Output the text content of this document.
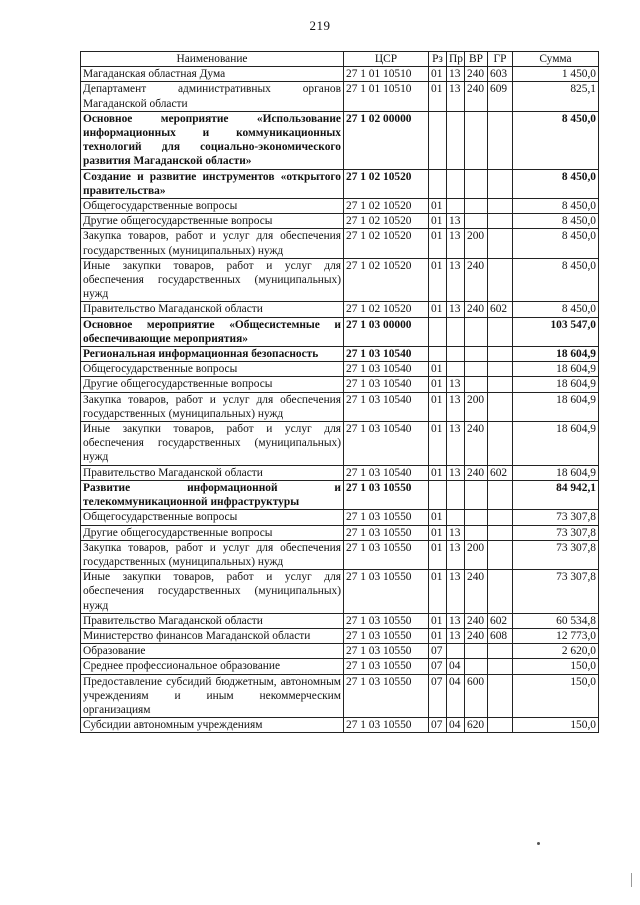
219
Наименование	ЦСР	Рз	Пр	ВР	ГР	Сумма
Магаданская областная Дума	27 1 01 10510	01	13	240	603	1 450,0
Департамент административных органов Магаданской области	27 1 01 10510	01	13	240	609	825,1
Основное мероприятие «Использование информационных и коммуникационных технологий для социально-экономического развития Магаданской области»	27 1 02 00000					8 450,0
Создание и развитие инструментов «открытого правительства»	27 1 02 10520					8 450,0
Общегосударственные вопросы	27 1 02 10520	01				8 450,0
Другие общегосударственные вопросы	27 1 02 10520	01	13			8 450,0
Закупка товаров, работ и услуг для обеспечения государственных (муниципальных) нужд	27 1 02 10520	01	13	200		8 450,0
Иные закупки товаров, работ и услуг для обеспечения государственных (муниципальных) нужд	27 1 02 10520	01	13	240		8 450,0
Правительство Магаданской области	27 1 02 10520	01	13	240	602	8 450,0
Основное мероприятие «Общесистемные и обеспечивающие мероприятия»	27 1 03 00000					103 547,0
Региональная информационная безопасность	27 1 03 10540					18 604,9
Общегосударственные вопросы	27 1 03 10540	01				18 604,9
Другие общегосударственные вопросы	27 1 03 10540	01	13			18 604,9
Закупка товаров, работ и услуг для обеспечения государственных (муниципальных) нужд	27 1 03 10540	01	13	200		18 604,9
Иные закупки товаров, работ и услуг для обеспечения государственных (муниципальных) нужд	27 1 03 10540	01	13	240		18 604,9
Правительство Магаданской области	27 1 03 10540	01	13	240	602	18 604,9
Развитие информационной и телекоммуникационной инфраструктуры	27 1 03 10550					84 942,1
Общегосударственные вопросы	27 1 03 10550	01				73 307,8
Другие общегосударственные вопросы	27 1 03 10550	01	13			73 307,8
Закупка товаров, работ и услуг для обеспечения государственных (муниципальных) нужд	27 1 03 10550	01	13	200		73 307,8
Иные закупки товаров, работ и услуг для обеспечения государственных (муниципальных) нужд	27 1 03 10550	01	13	240		73 307,8
Правительство Магаданской области	27 1 03 10550	01	13	240	602	60 534,8
Министерство финансов Магаданской области	27 1 03 10550	01	13	240	608	12 773,0
Образование	27 1 03 10550	07				2 620,0
Среднее профессиональное образование	27 1 03 10550	07	04			150,0
Предоставление субсидий бюджетным, автономным учреждениям и иным некоммерческим организациям	27 1 03 10550	07	04	600		150,0
Субсидии автономным учреждениям	27 1 03 10550	07	04	620		150,0
